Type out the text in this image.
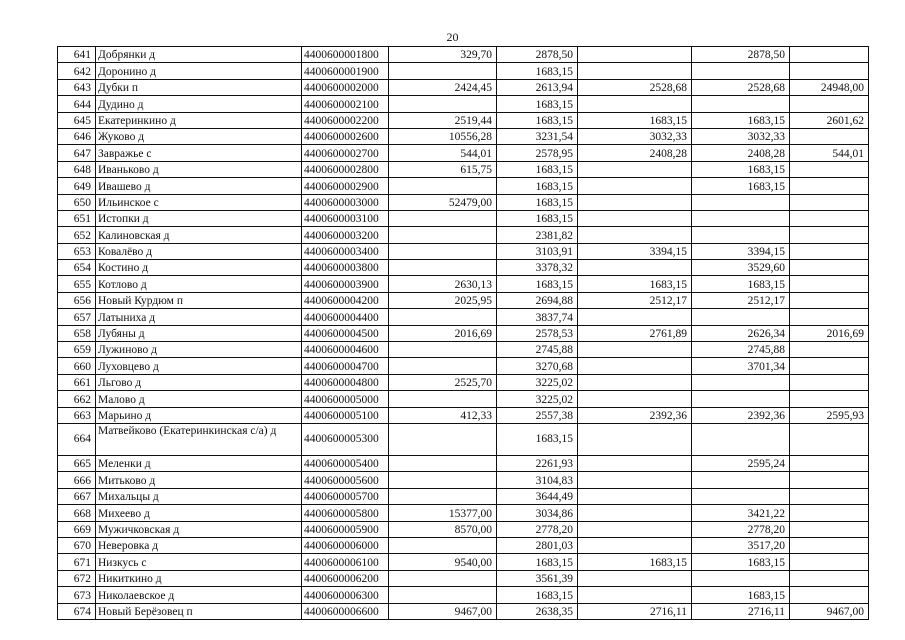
20
641	Добрянки д	4400600001800	329,70	2878,50		2878,50	
642	Доронино д	4400600001900		1683,15			
643	Дубки п	4400600002000	2424,45	2613,94	2528,68	2528,68	24948,00
644	Дудино д	4400600002100		1683,15			
645	Екатеринкино д	4400600002200	2519,44	1683,15	1683,15	1683,15	2601,62
646	Жуково д	4400600002600	10556,28	3231,54	3032,33	3032,33	
647	Завражье с	4400600002700	544,01	2578,95	2408,28	2408,28	544,01
648	Иваньково д	4400600002800	615,75	1683,15		1683,15	
649	Ивашево д	4400600002900		1683,15		1683,15	
650	Ильинское с	4400600003000	52479,00	1683,15			
651	Истопки д	4400600003100		1683,15			
652	Калиновская д	4400600003200		2381,82			
653	Ковалёво д	4400600003400		3103,91	3394,15	3394,15	
654	Костино д	4400600003800		3378,32		3529,60	
655	Котлово д	4400600003900	2630,13	1683,15	1683,15	1683,15	
656	Новый Курдюм п	4400600004200	2025,95	2694,88	2512,17	2512,17	
657	Латыниха д	4400600004400		3837,74			
658	Лубяны д	4400600004500	2016,69	2578,53	2761,89	2626,34	2016,69
659	Лужиново д	4400600004600		2745,88		2745,88	
660	Луховцево д	4400600004700		3270,68		3701,34	
661	Льгово д	4400600004800	2525,70	3225,02			
662	Малово д	4400600005000		3225,02			
663	Марьино д	4400600005100	412,33	2557,38	2392,36	2392,36	2595,93
664	Матвейково (Екатеринкинская с/а) д	4400600005300		1683,15			
665	Меленки д	4400600005400		2261,93		2595,24	
666	Митьково д	4400600005600		3104,83			
667	Михальцы д	4400600005700		3644,49			
668	Михеево д	4400600005800	15377,00	3034,86		3421,22	
669	Мужичковская д	4400600005900	8570,00	2778,20		2778,20	
670	Неверовка д	4400600006000		2801,03		3517,20	
671	Низкусь с	4400600006100	9540,00	1683,15	1683,15	1683,15	
672	Никиткино д	4400600006200		3561,39			
673	Николаевское д	4400600006300		1683,15		1683,15	
674	Новый Берёзовец п	4400600006600	9467,00	2638,35	2716,11	2716,11	9467,00
